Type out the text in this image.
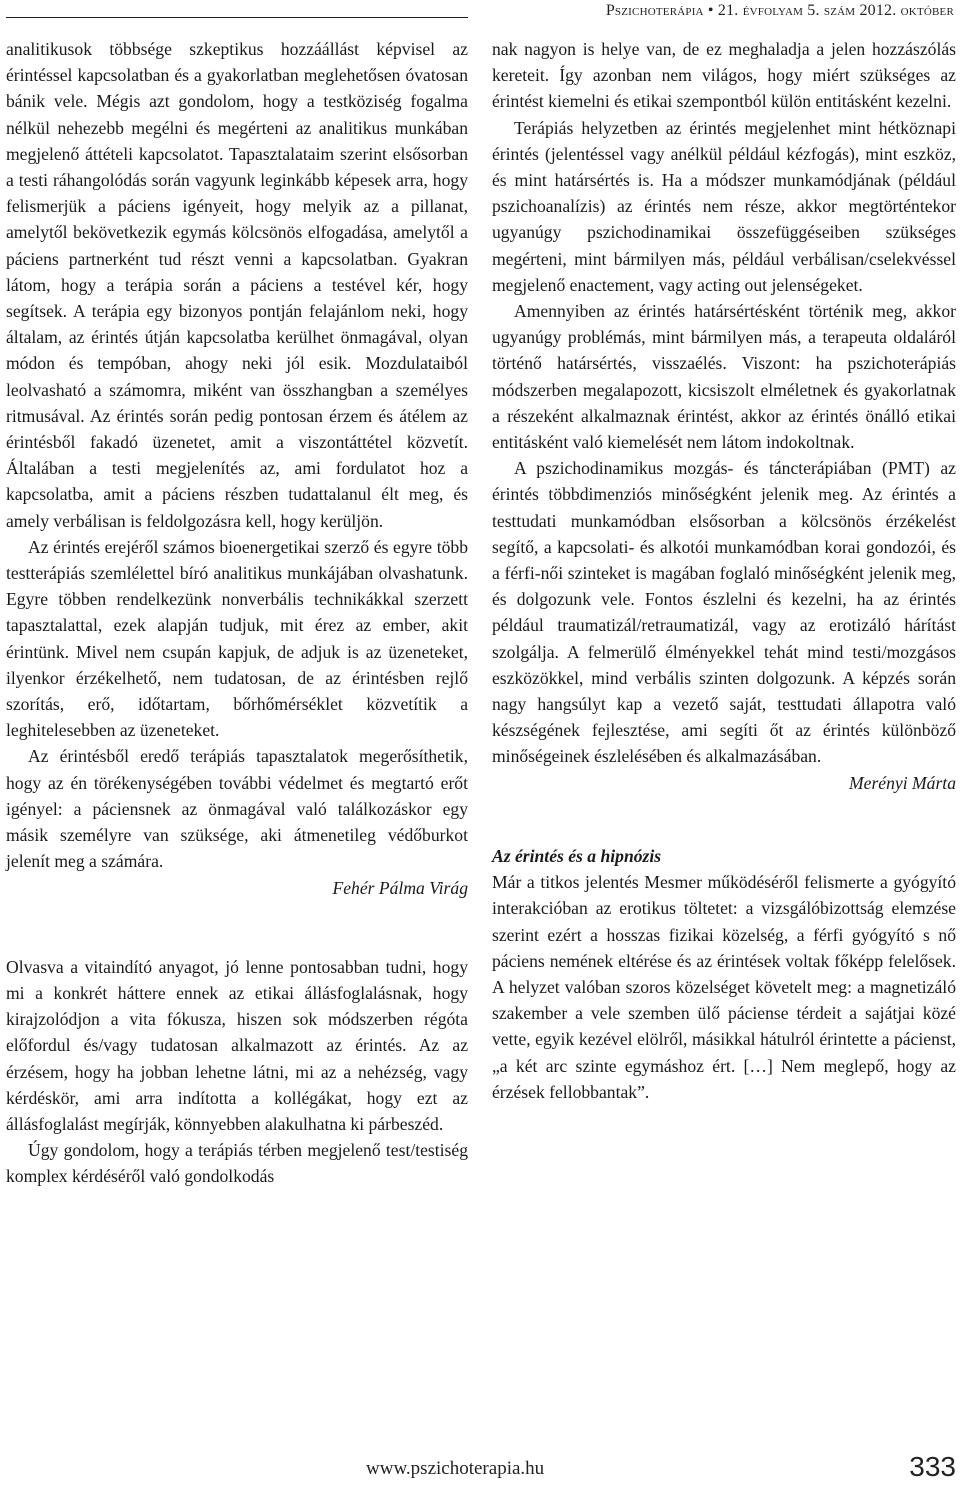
Pszichoterápia • 21. évfolyam 5. szám 2012. október

analitikusok többsége szkeptikus hozzáállást képvisel az érintéssel kapcsolatban és a gyakorlatban meglehetősen óvatosan bánik vele. Mégis azt gondolom, hogy a testköziség fogalma nélkül nehezebb megélni és megérteni az analitikus munkában megjelenő áttételi kapcsolatot. Tapasztalataim szerint elsősorban a testi ráhangolódás során vagyunk leginkább képesek arra, hogy felismerjük a páciens igényeit, hogy melyik az a pillanat, amelytől bekövetkezik egymás kölcsönös elfogadása, amelytől a páciens partnerként tud részt venni a kapcsolatban. Gyakran látom, hogy a terápia során a páciens a testével kér, hogy segítsek. A terápia egy bizonyos pontján felajánlom neki, hogy általam, az érintés útján kapcsolatba kerülhet önmagával, olyan módon és tempóban, ahogy neki jól esik. Mozdulataiból leolvasható a számomra, miként van összhangban a személyes ritmusával. Az érintés során pedig pontosan érzem és átélem az érintésből fakadó üzenetet, amit a viszontáttétel közvetít. Általában a testi megjelenítés az, ami fordulatot hoz a kapcsolatba, amit a páciens részben tudattalanul élt meg, és amely verbálisan is feldolgozásra kell, hogy kerüljön.

Az érintés erejéről számos bioenergetikai szerző és egyre több testterápiás szemlélettel bíró analitikus munkájában olvashatunk. Egyre többen rendelkezünk nonverbális technikákkal szerzett tapasztalattal, ezek alapján tudjuk, mit érez az ember, akit érintünk. Mivel nem csupán kapjuk, de adjuk is az üzeneteket, ilyenkor érzékelhető, nem tudatosan, de az érintésben rejlő szorítás, erő, időtartam, bőrhőmérséklet közvetítik a leghitelesebben az üzeneteket.

Az érintésből eredő terápiás tapasztalatok megerősíthetik, hogy az én törékenységében további védelmet és megtartó erőt igényel: a páciensnek az önmagával való találkozáskor egy másik személyre van szüksége, aki átmenetileg védőburkot jelenít meg a számára.

Fehér Pálma Virág

Olvasva a vitaindító anyagot, jó lenne pontosabban tudni, hogy mi a konkrét háttere ennek az etikai állásfoglalásnak, hogy kirajzolódjon a vita fókusza, hiszen sok módszerben régóta előfordul és/vagy tudatosan alkalmazott az érintés. Az az érzésem, hogy ha jobban lehetne látni, mi az a nehézség, vagy kérdéskör, ami arra indította a kollégákat, hogy ezt az állásfoglalást megírják, könnyebben alakulhatna ki párbeszéd.

Úgy gondolom, hogy a terápiás térben megjelenő test/testiség komplex kérdéséről való gondolkodás

nak nagyon is helye van, de ez meghaladja a jelen hozzászólás kereteit. Így azonban nem világos, hogy miért szükséges az érintést kiemelni és etikai szempontból külön entitásként kezelni.

Terápiás helyzetben az érintés megjelenhet mint hétköznapi érintés (jelentéssel vagy anélkül például kézfogás), mint eszköz, és mint határsértés is. Ha a módszer munkamódjának (például pszichoanalízis) az érintés nem része, akkor megtörténtekor ugyanúgy pszichodinamikai összefüggéseiben szükséges megérteni, mint bármilyen más, például verbálisan/cselekvéssel megjelenő enactement, vagy acting out jelenségeket.

Amennyiben az érintés határsértésként történik meg, akkor ugyanúgy problémás, mint bármilyen más, a terapeuta oldaláról történő határsértés, visszaélés. Viszont: ha pszichoterápiás módszerben megalapozott, kicsiszolt elméletnek és gyakorlatnak a részeként alkalmaznak érintést, akkor az érintés önálló etikai entitásként való kiemelését nem látom indokoltnak.

A pszichodinamikus mozgás- és táncterápiában (PMT) az érintés többdimenziós minőségként jelenik meg. Az érintés a testtudati munkamódban elsősorban a kölcsönös érzékelést segítő, a kapcsolati- és alkotói munkamódban korai gondozói, és a férfi-női szinteket is magában foglaló minőségként jelenik meg, és dolgozunk vele. Fontos észlelni és kezelni, ha az érintés például traumatizál/retraumatizál, vagy az erotizáló hárítást szolgálja. A felmerülő élményekkel tehát mind testi/mozgásos eszközökkel, mind verbális szinten dolgozunk. A képzés során nagy hangsúlyt kap a vezető saját, testtudati állapotra való készségének fejlesztése, ami segíti őt az érintés különböző minőségeinek észlelésében és alkalmazásában.

Merényi Márta

Az érintés és a hipnózis

Már a titkos jelentés Mesmer működéséről felismerte a gyógyító interakcióban az erotikus töltetet: a vizsgálóbizottság elemzése szerint ezért a hosszas fizikai közelség, a férfi gyógyító s nő páciens nemének eltérése és az érintések voltak főképp felelősek. A helyzet valóban szoros közelséget követelt meg: a magnetizáló szakember a vele szemben ülő páciense térdeit a sajátjai közé vette, egyik kezével elölről, másikkal hátulról érintette a pácienst, „a két arc szinte egymáshoz ért. […] Nem meglepő, hogy az érzések fellobbantak”.

www.pszichoterapia.hu	333
